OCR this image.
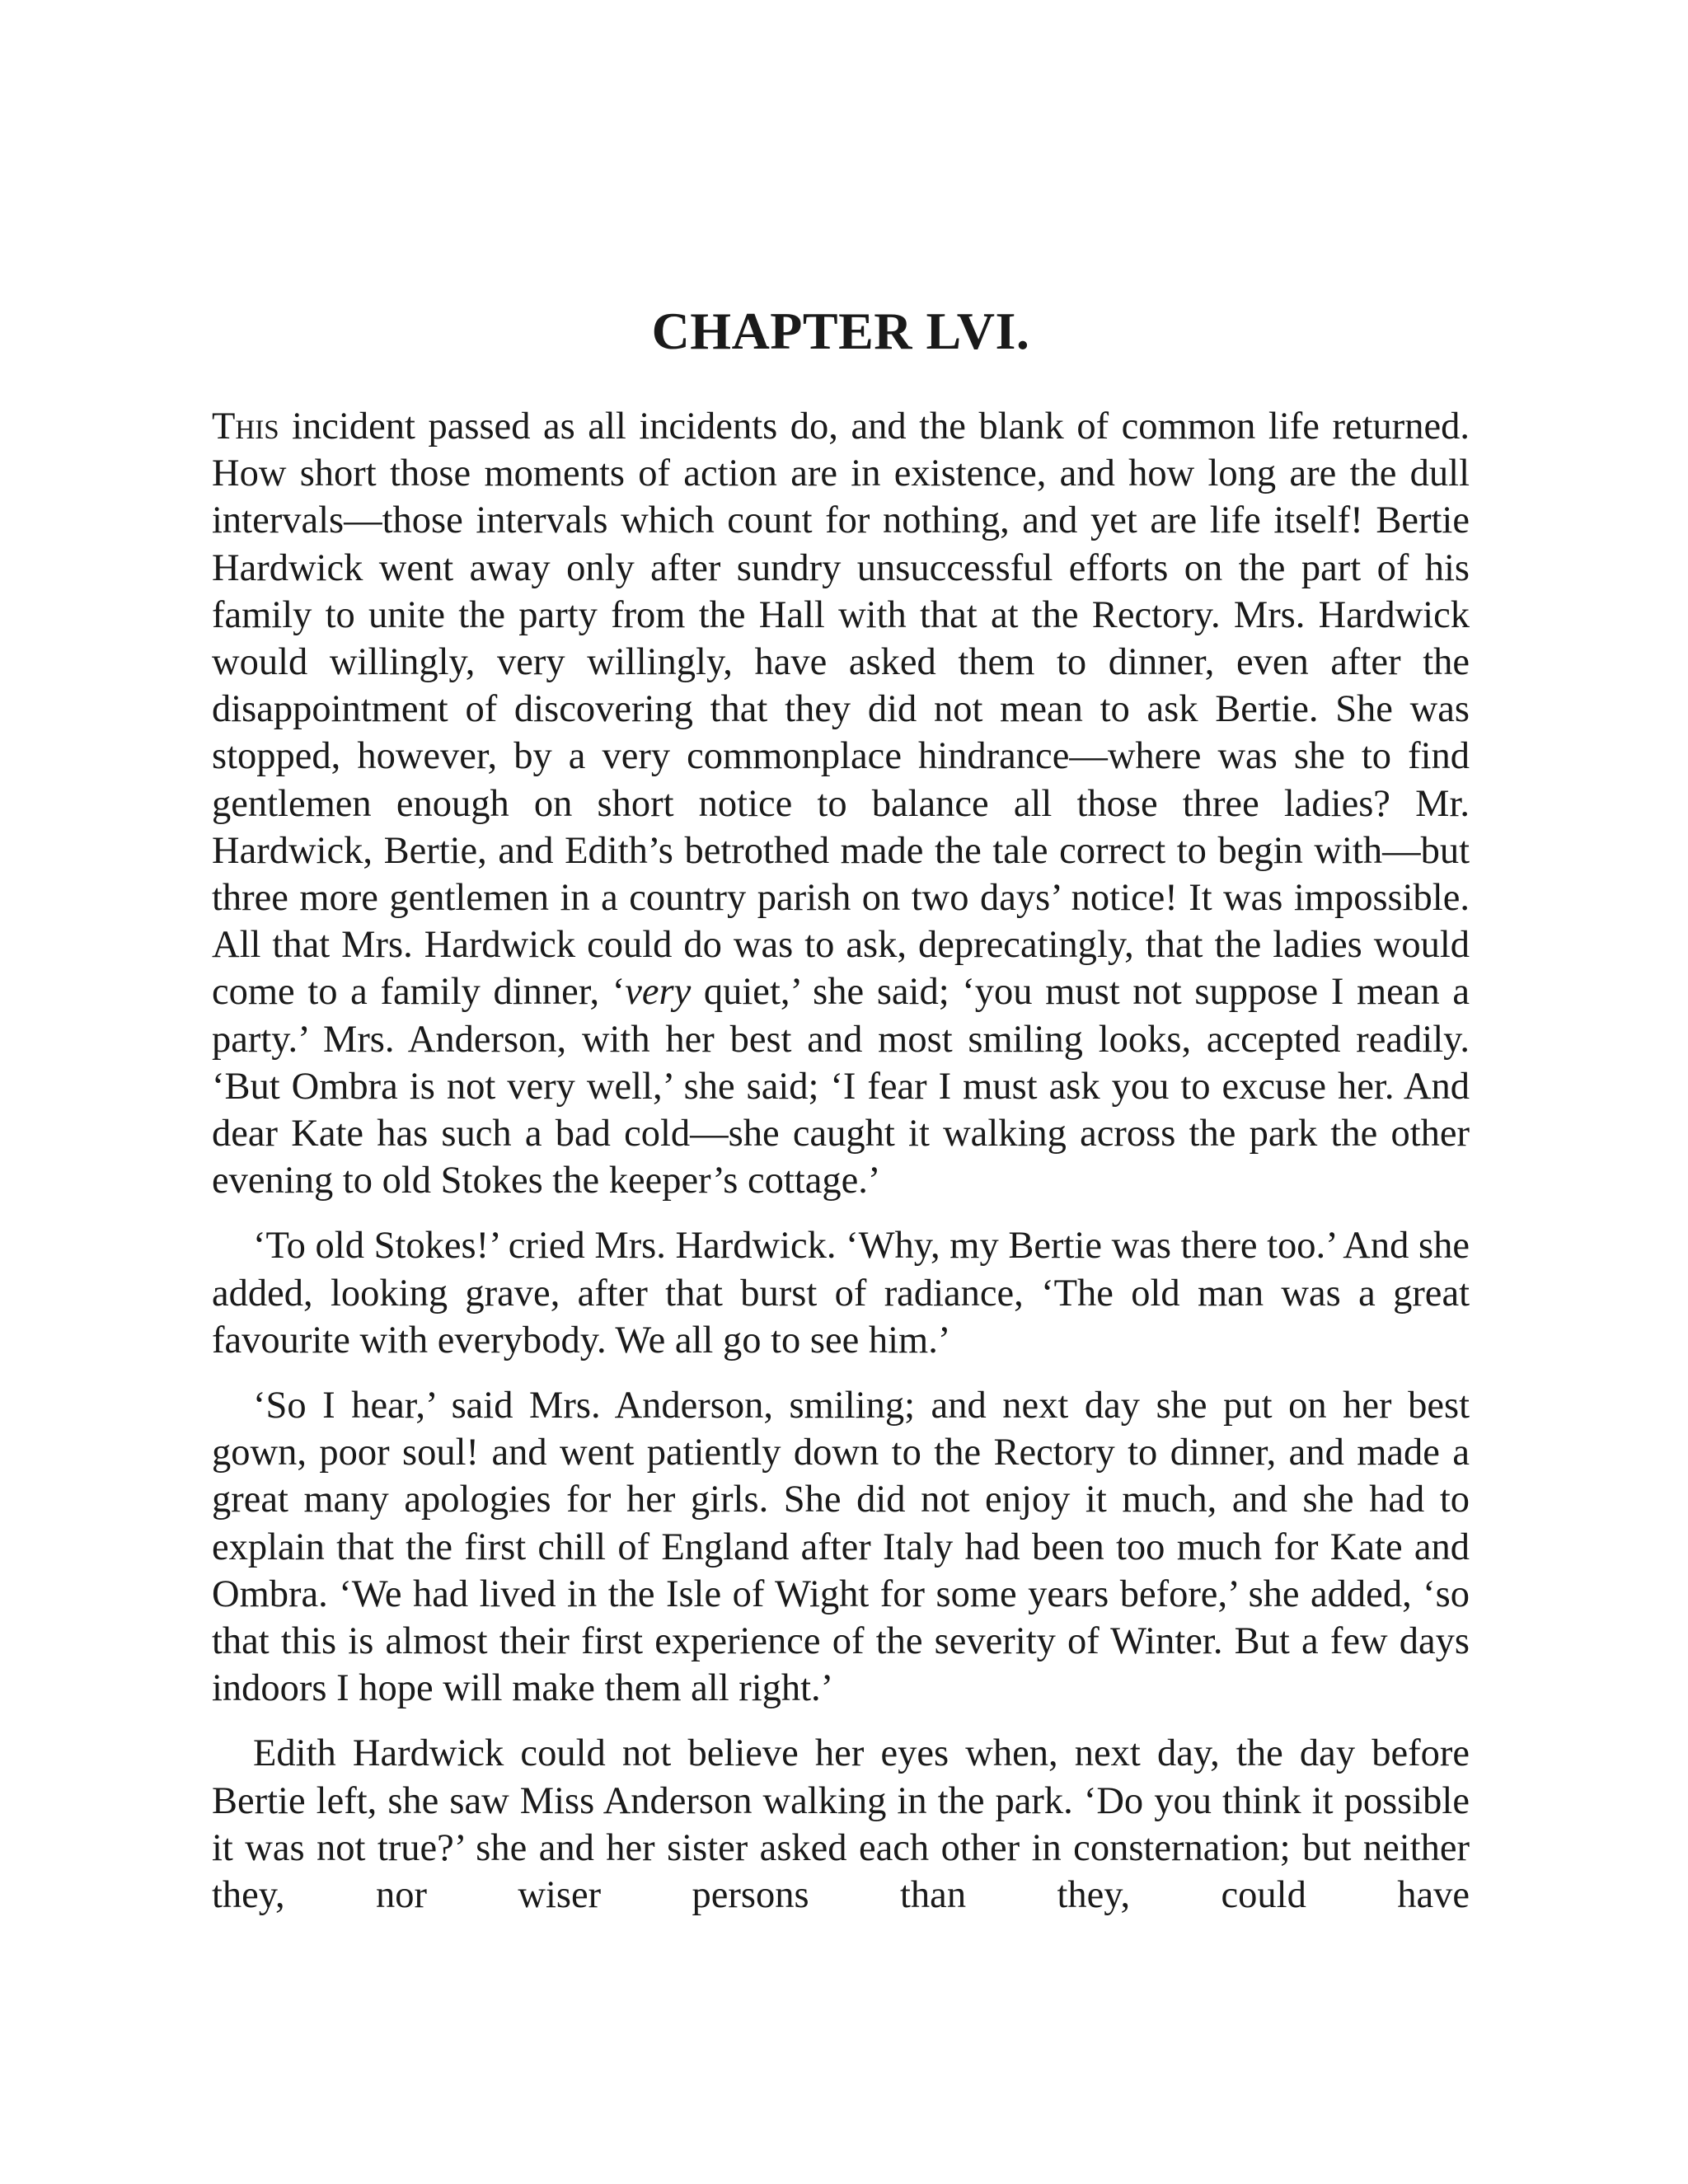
CHAPTER LVI.

This incident passed as all incidents do, and the blank of common life returned. How short those moments of action are in existence, and how long are the dull intervals—those intervals which count for nothing, and yet are life itself! Bertie Hardwick went away only after sundry unsuccessful efforts on the part of his family to unite the party from the Hall with that at the Rectory. Mrs. Hardwick would willingly, very willingly, have asked them to dinner, even after the disappointment of discovering that they did not mean to ask Bertie. She was stopped, however, by a very commonplace hindrance—where was she to find gentlemen enough on short notice to balance all those three ladies? Mr. Hardwick, Bertie, and Edith’s betrothed made the tale correct to begin with—but three more gentlemen in a country parish on two days’ notice! It was impossible. All that Mrs. Hardwick could do was to ask, deprecatingly, that the ladies would come to a family dinner, ‘very quiet,’ she said; ‘you must not suppose I mean a party.’ Mrs. Anderson, with her best and most smiling looks, accepted readily. ‘But Ombra is not very well,’ she said; ‘I fear I must ask you to excuse her. And dear Kate has such a bad cold—she caught it walking across the park the other evening to old Stokes the keeper’s cottage.’

‘To old Stokes!’ cried Mrs. Hardwick. ‘Why, my Bertie was there too.’ And she added, looking grave, after that burst of radiance, ‘The old man was a great favourite with everybody. We all go to see him.’

‘So I hear,’ said Mrs. Anderson, smiling; and next day she put on her best gown, poor soul! and went patiently down to the Rectory to dinner, and made a great many apologies for her girls. She did not enjoy it much, and she had to explain that the first chill of England after Italy had been too much for Kate and Ombra. ‘We had lived in the Isle of Wight for some years before,’ she added, ‘so that this is almost their first experience of the severity of Winter. But a few days indoors I hope will make them all right.’

Edith Hardwick could not believe her eyes when, next day, the day before Bertie left, she saw Miss Anderson walking in the park. ‘Do you think it possible it was not true?’ she and her sister asked each other in consternation; but neither they, nor wiser persons than they, could have
